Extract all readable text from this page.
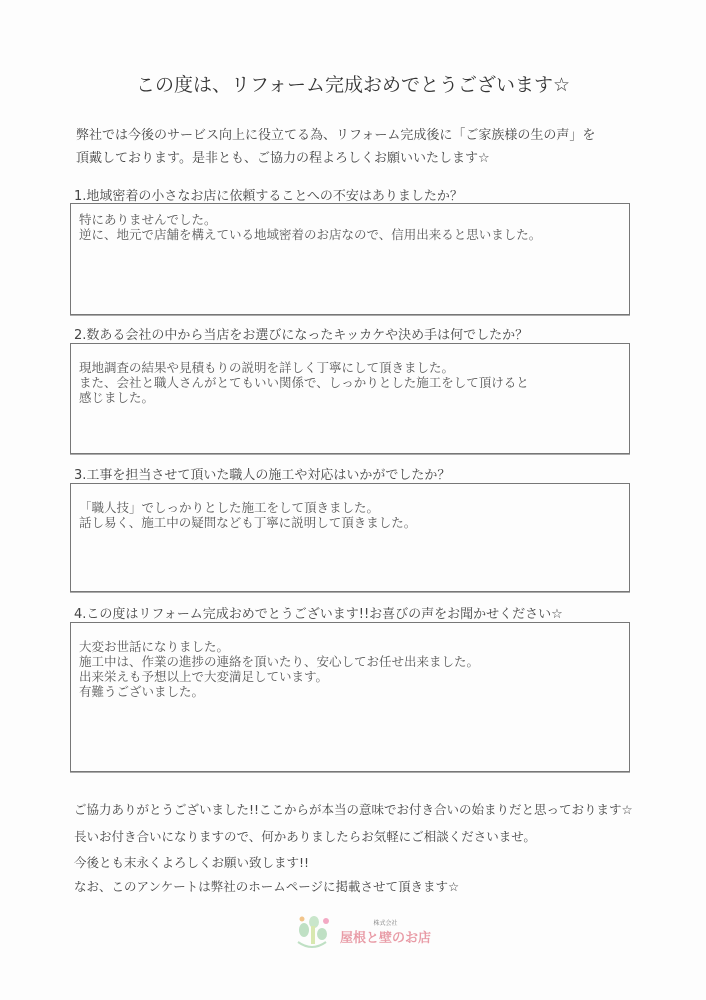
この度は、リフォーム完成おめでとうございます☆
弊社では今後のサービス向上に役立てる為、リフォーム完成後に「ご家族様の生の声」を
頂戴しております。是非とも、ご協力の程よろしくお願いいたします☆
1.地域密着の小さなお店に依頼することへの不安はありましたか？
特にありませんでした。
逆に、地元で店舗を構えている地域密着のお店なので、信用出来ると思いました。
2.数ある会社の中から当店をお選びになったキッカケや決め手は何でしたか？
現地調査の結果や見積もりの説明を詳しく丁寧にして頂きました。
また、会社と職人さんがとてもいい関係で、しっかりとした施工をして頂けると
感じました。
3.工事を担当させて頂いた職人の施工や対応はいかがでしたか？
「職人技」でしっかりとした施工をして頂きました。
話し易く、施工中の疑問なども丁寧に説明して頂きました。
4.この度はリフォーム完成おめでとうございます!!お喜びの声をお聞かせください☆
大変お世話になりました。
施工中は、作業の進捗の連絡を頂いたり、安心してお任せ出来ました。
出来栄えも予想以上で大変満足しています。
有難うございました。
ご協力ありがとうございました!!ここからが本当の意味でお付き合いの始まりだと思っております☆
長いお付き合いになりますので、何かありましたらお気軽にご相談くださいませ。
今後とも末永くよろしくお願い致します!!
なお、このアンケートは弊社のホームページに掲載させて頂きます☆
株式会社
屋根と壁のお店
